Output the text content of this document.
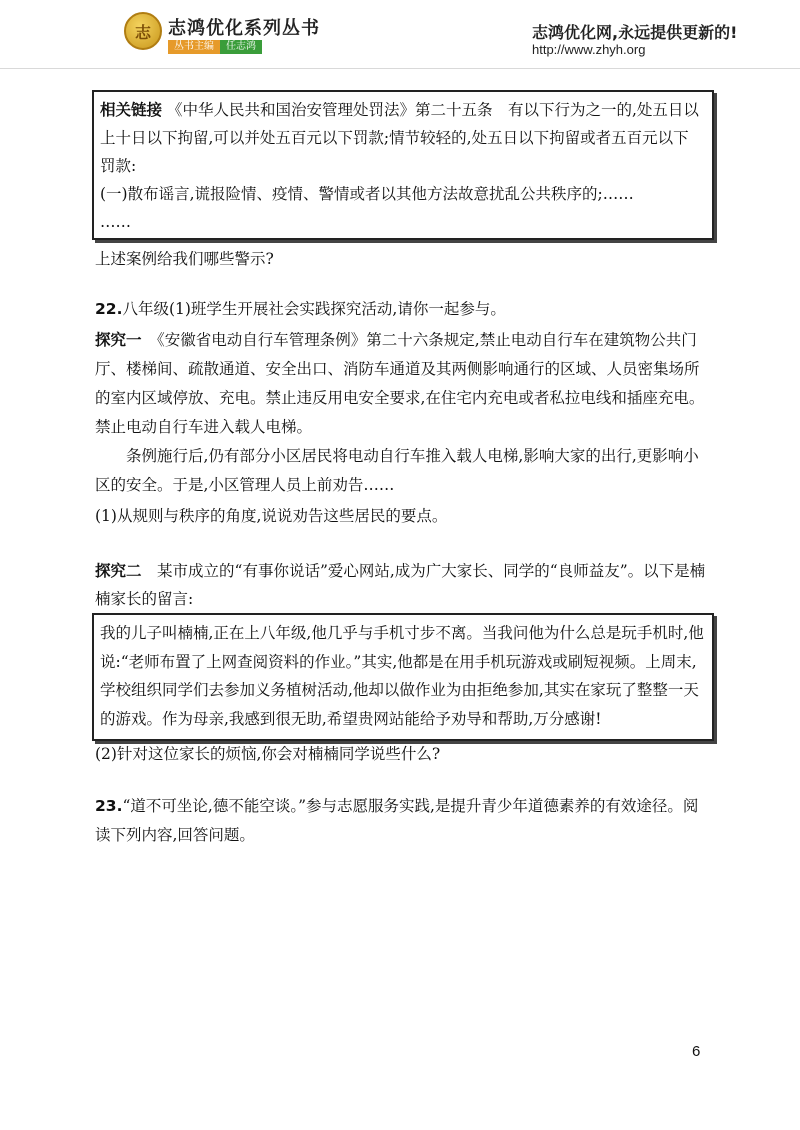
志
志鸿优化系列丛书
丛书主编	任志鸿
志鸿优化网,永远提供更新的!
http://www.zhyh.org
相关链接 《中华人民共和国治安管理处罚法》第二十五条　有以下行为之一的,处五日以上十日以下拘留,可以并处五百元以下罚款;情节较轻的,处五日以下拘留或者五百元以下罚款:
(一)散布谣言,谎报险情、疫情、警情或者以其他方法故意扰乱公共秩序的;……
……
上述案例给我们哪些警示?
22.八年级(1)班学生开展社会实践探究活动,请你一起参与。
探究一　 《安徽省电动自行车管理条例》第二十六条规定,禁止电动自行车在建筑物公共门厅、楼梯间、疏散通道、安全出口、消防车通道及其两侧影响通行的区域、人员密集场所的室内区域停放、充电。禁止违反用电安全要求,在住宅内充电或者私拉电线和插座充电。禁止电动自行车进入载人电梯。
条例施行后,仍有部分小区居民将电动自行车推入载人电梯,影响大家的出行,更影响小区的安全。于是,小区管理人员上前劝告……
(1)从规则与秩序的角度,说说劝告这些居民的要点。
探究二　 某市成立的“有事你说话”爱心网站,成为广大家长、同学的“良师益友”。以下是楠楠家长的留言:
我的儿子叫楠楠,正在上八年级,他几乎与手机寸步不离。当我问他为什么总是玩手机时,他说:“老师布置了上网查阅资料的作业。”其实,他都是在用手机玩游戏或刷短视频。上周末,学校组织同学们去参加义务植树活动,他却以做作业为由拒绝参加,其实在家玩了整整一天的游戏。作为母亲,我感到很无助,希望贵网站能给予劝导和帮助,万分感谢!
(2)针对这位家长的烦恼,你会对楠楠同学说些什么?
23.“道不可坐论,德不能空谈。”参与志愿服务实践,是提升青少年道德素养的有效途径。阅读下列内容,回答问题。
6
